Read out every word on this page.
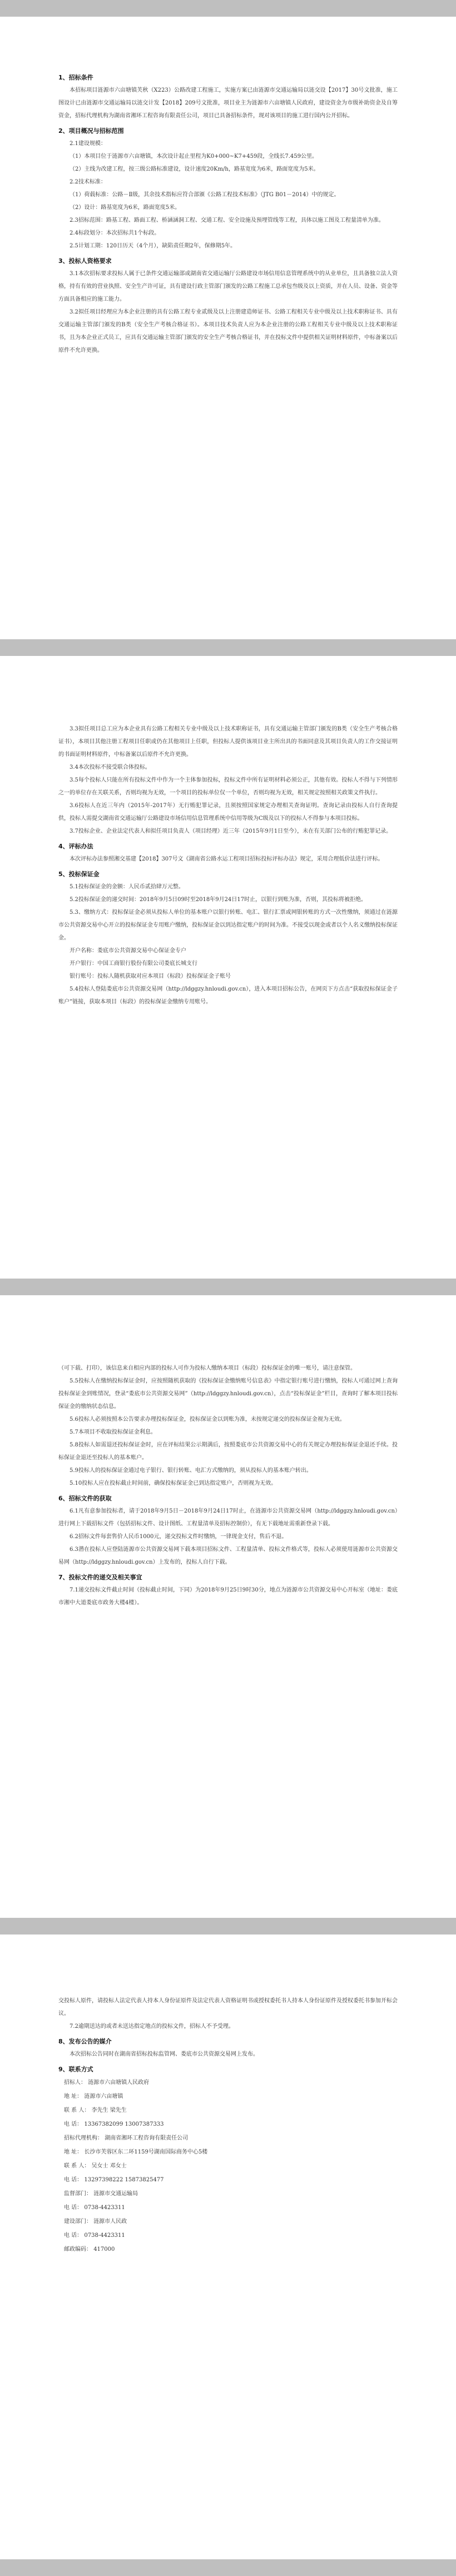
1、招标条件

本招标项目涟源市六亩塘镇芙秋（X223）公路改建工程施工，实施方案已由涟源市交通运输局以涟交设【2017】30号文批准，施工图设计已由涟源市交通运输局以涟交计发【2018】209号文批准，项目业主为涟源市六亩塘镇人民政府，建设资金为市级补助资金及自筹资金，招标代理机构为湖南省湘环工程咨询有限责任公司，项目已具备招标条件，现对该项目的施工进行国内公开招标。

2、项目概况与招标范围

2.1建设规模：

（1）本项目位于涟源市六亩塘镇，本次设计起止里程为K0+000~K7+459段，全线长7.459公里。

（2）主线为改建工程，按三级公路标准建设，设计速度20Km/h，路基宽度为6米，路面宽度为5米。

2.2技术标准：

（1）荷载标准：公路－Ⅱ级，其余技术指标应符合部颁《公路工程技术标准》（JTG B01－2014）中的规定。

（2）设计：路基宽度为6米，路面宽度5米。

2.3招标范围：路基工程、路面工程、桥涵涵洞工程、交通工程、安全设施及预埋管线等工程，具体以施工图及工程量清单为准。

2.4标段划分：本次招标共1个标段。

2.5计划工期：120日历天（4个月），缺陷责任期2年，保修期5年。

3、投标人资格要求

3.1本次招标要求投标人属于已条件交通运输部或湖南省交通运输厅公路建设市场信用信息管理系统中的从业单位，且具备独立法人资格，持有有效的营业执照、安全生产许可证，具有建设行政主管部门颁发的公路工程施工总承包叁级及以上资质，并在人员、设备、资金等方面具备相应的施工能力。

3.2拟任项目经理应为本企业注册的具有公路工程专业贰级及以上注册建造师证书、公路工程相关专业中级及以上技术职称证书、具有交通运输主管部门颁发的B类（安全生产考核合格证书）。本项目技术负责人应为本企业注册的公路工程相关专业中级及以上技术职称证书，且为本企业正式员工，应具有交通运输主管部门颁发的安全生产考核合格证书，并在投标文件中提供相关证明材料原件，中标备案以后原件不允许更换。

3.3拟任项目总工应为本企业具有公路工程相关专业中级及以上技术职称证书，具有交通运输主管部门颁发的B类（安全生产考核合格证书），本项目其他注册工程项目任职或仍在其他项目上任职，但投标人提供该项目业主所出具的书面同意及其项目负责人的工作交接证明的书面证明材料原件，中标备案以后原件不允许更换。

3.4本次投标不接受联合体投标。

3.5每个投标人只能在所有投标文件中作为一个主体参加投标，投标文件中所有证明材料必须公正，其他有效。投标人不得与下列情形之一的单位存在关联关系，否则均视为无效，一个项目的投标单位仅一个单位，否则均视为无效，相关规定按照相关政策文件执行。

3.6投标人在近三年内（2015年-2017年）无行贿犯罪记录，且须按照国家规定办理相关查询证明。查询记录由投标人自行查询提供，投标人需提交湖南省交通运输厅公路建设市场信用信息管理系统中信用等级为C级及以下的投标人不得参与本项目投标。

3.7投标企业、企业法定代表人和拟任项目负责人（项目经理）近三年（2015年9月1日至今），未在有关部门公布的行贿犯罪记录。

4、评标办法

本次评标办法参照湘交基建【2018】307号文《湖南省公路水运工程项目招标投标评标办法》规定，采用合理低价法进行评标。

5、投标保证金

5.1投标保证金的金额：人民币贰拾肆万元整。

5.2投标保证金的递交时间：2018年9月5日09时至2018年9月24日17时止，以银行到账为准，否则，其投标将被拒绝。

5.3、缴纳方式：投标保证金必须从投标人单位的基本账户以银行转账、电汇、银行汇票或网银转账的方式一次性缴纳，须通过在涟源市公共资源交易中心开立的投标保证金专用账户缴纳，投标保证金以到达指定账户的时间为准。不接受以现金或者以个人名义缴纳投标保证金。

开户名称：娄底市公共资源交易中心保证金专户

开户银行：中国工商银行股份有限公司娄底长城支行

银行账号：投标人随机获取对应本项目（标段）投标保证金子账号

5.4投标人登陆娄底市公共资源交易网（http://ldggzy.hnloudi.gov.cn），进入本项目招标公告，在网页下方点击“获取投标保证金子账户”链接，获取本项目（标段）的投标保证金缴纳专用账号。

（可下载、打印），该信息来自相应内部的投标人可作为投标人缴纳本项目（标段）投标保证金的唯一账号，请注意保管。

5.5投标人在缴纳投标保证金时，应按照随机获取的《投标保证金缴纳账号信息表》中指定银行账号进行缴纳，投标人可通过网上查询投标保证金到账情况，登录“娄底市公共资源交易网”（http://ldggzy.hnloudi.gov.cn），点击“投标保证金”栏目，查询时了解本项目投标保证金的缴纳状态信息。

5.6投标人必须按照本公告要求办理投标保证金，投标保证金以到账为准，未按规定递交的投标保证金视为无效。

5.7本项目不收取投标保证金利息。

5.8投标人如需退还投标保证金时，应在评标结果公示期满后，按照娄底市公共资源交易中心的有关规定办理投标保证金退还手续。投标保证金退还至投标人的基本账户。

5.9投标人的投标保证金通过电子银行、银行转账、电汇方式缴纳的，须从投标人的基本账户转出。

5.10投标人应在投标截止时间前，确保投标保证金已到达指定账户，否则视为无效。

6、招标文件的获取

6.1凡有意参加投标者，请于2018年9月5日－2018年9月24日17时止，在涟源市公共资源交易网（http://ldggzy.hnloudi.gov.cn）进行网上下载招标文件（包括招标文件、设计图纸、工程量清单及招标控制价），有无下载地址需重新登录下载。

6.2招标文件每套售价人民币1000元，递交投标文件时缴纳，一律现金支付，售后不退。

6.3潜在投标人应登陆涟源市公共资源交易网下载本项目招标文件、工程量清单、投标文件格式等，投标人必须使用涟源市公共资源交易网（http://ldggzy.hnloudi.gov.cn）上发布的，投标人自行下载。

7、投标文件的递交及相关事宜

7.1递交投标文件截止时间（投标截止时间，下同）为2018年9月25日9时30分，地点为涟源市公共资源交易中心开标室（地址：娄底市湘中大道娄底市政务大楼4楼）。

交投标人原件，请投标人法定代表人持本人身份证原件及法定代表人资格证明书或授权委托书人持本人身份证原件及授权委托书参加开标会议。

7.2逾期送达的或者未送达指定地点的投标文件，招标人不予受理。

8、发布公告的媒介

本次招标公告同时在湖南省招标投标监管网、娄底市公共资源交易网上发布。

9、联系方式

招标人： 涟源市六亩塘镇人民政府

地 址： 涟源市六亩塘镇

联 系 人： 李先生 梁先生

电 话： 13367382099 13007387333

招标代理机构： 湖南省湘环工程咨询有限责任公司

地 址： 长沙市芙蓉区东二环1159号湖南国际商务中心5楼

联 系 人： 吴女士 邓女士

电 话： 13297398222 15873825477

监督部门： 涟源市交通运输局

电 话： 0738-4423311

建设部门： 涟源市人民政

电 话： 0738-4423311

邮政编码： 417000
